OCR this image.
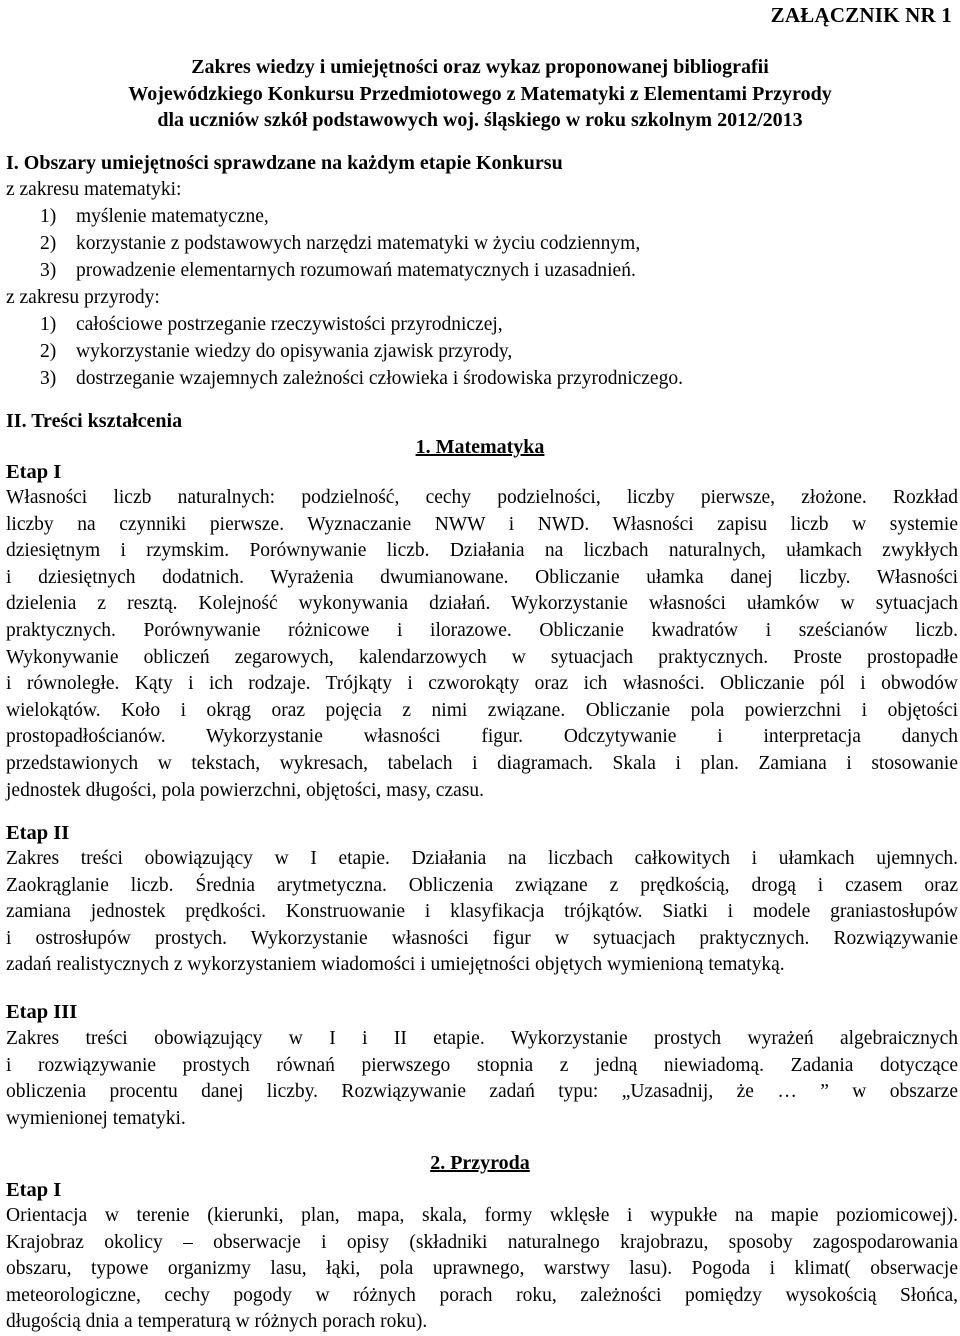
ZAŁĄCZNIK NR 1
Zakres wiedzy i umiejętności oraz wykaz proponowanej bibliografii
Wojewódzkiego Konkursu Przedmiotowego z Matematyki z Elementami Przyrody
dla uczniów szkół podstawowych woj. śląskiego w roku szkolnym 2012/2013
I. Obszary umiejętności sprawdzane na każdym etapie Konkursu
z zakresu matematyki:
1) myślenie matematyczne,
2) korzystanie z podstawowych narzędzi matematyki w życiu codziennym,
3) prowadzenie elementarnych rozumowań matematycznych i uzasadnień.
z zakresu przyrody:
1) całościowe postrzeganie rzeczywistości przyrodniczej,
2) wykorzystanie wiedzy do opisywania zjawisk przyrody,
3) dostrzeganie wzajemnych zależności człowieka i środowiska przyrodniczego.
II. Treści kształcenia
1. Matematyka
Etap I
Własności liczb naturalnych: podzielność, cechy podzielności, liczby pierwsze, złożone. Rozkład
liczby na czynniki pierwsze. Wyznaczanie NWW i NWD. Własności zapisu liczb w systemie
dziesiętnym i rzymskim. Porównywanie liczb. Działania na liczbach naturalnych, ułamkach zwykłych
i dziesiętnych dodatnich. Wyrażenia dwumianowane. Obliczanie ułamka danej liczby. Własności
dzielenia z resztą. Kolejność wykonywania działań. Wykorzystanie własności ułamków w sytuacjach
praktycznych. Porównywanie różnicowe i ilorazowe. Obliczanie kwadratów i sześcianów liczb.
Wykonywanie obliczeń zegarowych, kalendarzowych w sytuacjach praktycznych. Proste prostopadłe
i równoległe. Kąty i ich rodzaje. Trójkąty i czworokąty oraz ich własności. Obliczanie pól i obwodów
wielokątów. Koło i okrąg oraz pojęcia z nimi związane. Obliczanie pola powierzchni i objętości
prostopadłościanów. Wykorzystanie własności figur. Odczytywanie i interpretacja danych
przedstawionych w tekstach, wykresach, tabelach i diagramach. Skala i plan. Zamiana i stosowanie
jednostek długości, pola powierzchni, objętości, masy, czasu.
Etap II
Zakres treści obowiązujący w I etapie. Działania na liczbach całkowitych i ułamkach ujemnych.
Zaokrąglanie liczb. Średnia arytmetyczna. Obliczenia związane z prędkością, drogą i czasem oraz
zamiana jednostek prędkości. Konstruowanie i klasyfikacja trójkątów. Siatki i modele graniastosłupów
i ostrosłupów prostych. Wykorzystanie własności figur w sytuacjach praktycznych. Rozwiązywanie
zadań realistycznych z wykorzystaniem wiadomości i umiejętności objętych wymienioną tematyką.
Etap III
Zakres treści obowiązujący w I i II etapie. Wykorzystanie prostych wyrażeń algebraicznych
i rozwiązywanie prostych równań pierwszego stopnia z jedną niewiadomą. Zadania dotyczące
obliczenia procentu danej liczby. Rozwiązywanie zadań typu: „Uzasadnij, że … ” w obszarze
wymienionej tematyki.
2. Przyroda
Etap I
Orientacja w terenie (kierunki, plan, mapa, skala, formy wklęsłe i wypukłe na mapie poziomicowej).
Krajobraz okolicy – obserwacje i opisy (składniki naturalnego krajobrazu, sposoby zagospodarowania
obszaru, typowe organizmy lasu, łąki, pola uprawnego, warstwy lasu). Pogoda i klimat( obserwacje
meteorologiczne, cechy pogody w różnych porach roku, zależności pomiędzy wysokością Słońca,
długością dnia a temperaturą w różnych porach roku).
